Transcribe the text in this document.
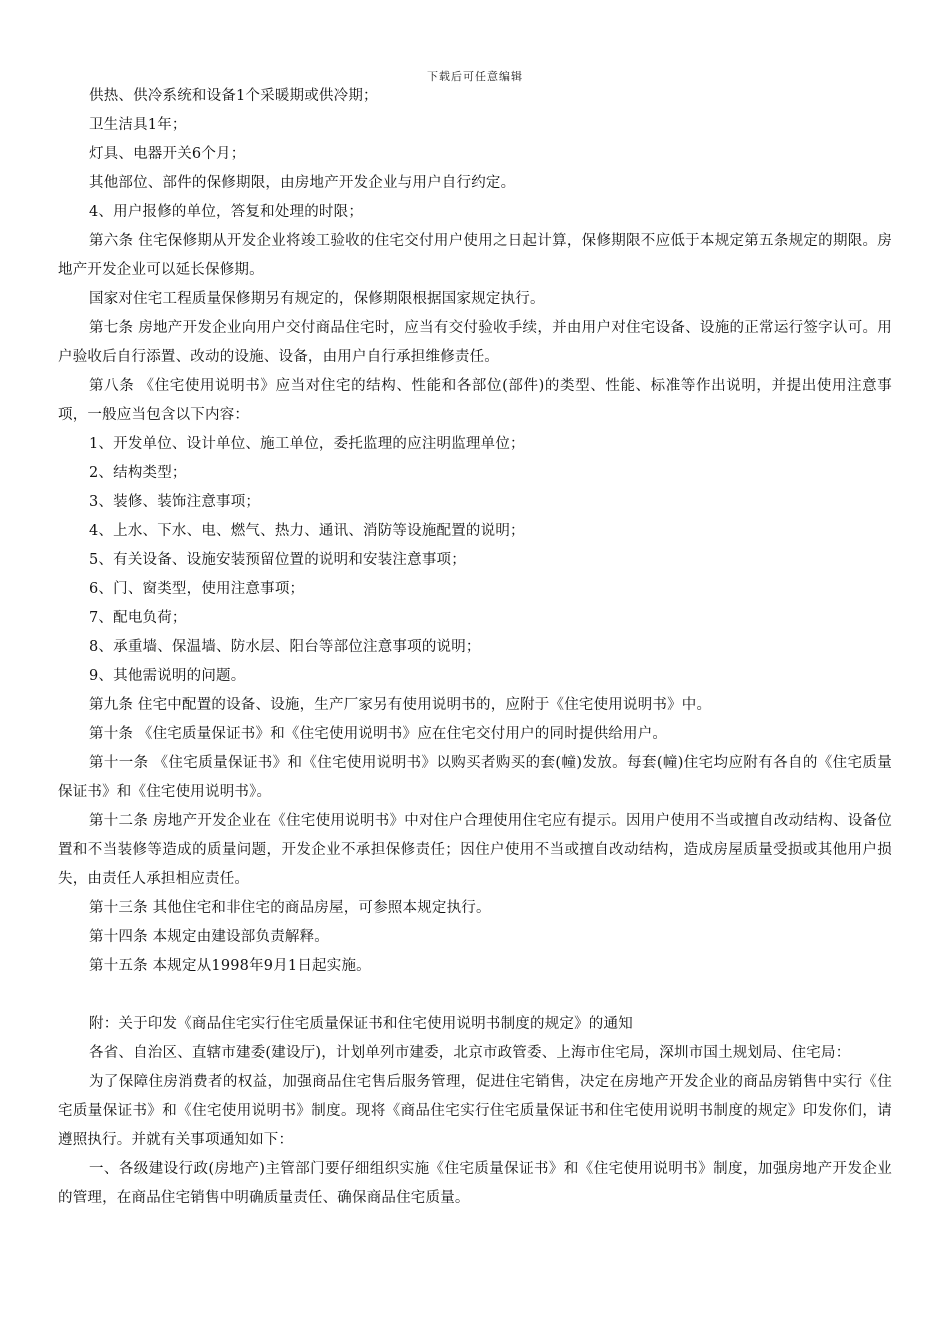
下载后可任意编辑

供热、供冷系统和设备1个采暖期或供冷期；

卫生洁具1年；

灯具、电器开关6个月；

其他部位、部件的保修期限，由房地产开发企业与用户自行约定。

4、用户报修的单位，答复和处理的时限；

第六条 住宅保修期从开发企业将竣工验收的住宅交付用户使用之日起计算，保修期限不应低于本规定第五条规定的期限。房地产开发企业可以延长保修期。

国家对住宅工程质量保修期另有规定的，保修期限根据国家规定执行。

第七条 房地产开发企业向用户交付商品住宅时，应当有交付验收手续，并由用户对住宅设备、设施的正常运行签字认可。用户验收后自行添置、改动的设施、设备，由用户自行承担维修责任。

第八条 《住宅使用说明书》应当对住宅的结构、性能和各部位(部件)的类型、性能、标准等作出说明，并提出使用注意事项，一般应当包含以下内容：

1、开发单位、设计单位、施工单位，委托监理的应注明监理单位；

2、结构类型；

3、装修、装饰注意事项；

4、上水、下水、电、燃气、热力、通讯、消防等设施配置的说明；

5、有关设备、设施安装预留位置的说明和安装注意事项；

6、门、窗类型，使用注意事项；

7、配电负荷；

8、承重墙、保温墙、防水层、阳台等部位注意事项的说明；

9、其他需说明的问题。

第九条 住宅中配置的设备、设施，生产厂家另有使用说明书的，应附于《住宅使用说明书》中。

第十条 《住宅质量保证书》和《住宅使用说明书》应在住宅交付用户的同时提供给用户。

第十一条 《住宅质量保证书》和《住宅使用说明书》以购买者购买的套(幢)发放。每套(幢)住宅均应附有各自的《住宅质量保证书》和《住宅使用说明书》。

第十二条 房地产开发企业在《住宅使用说明书》中对住户合理使用住宅应有提示。因用户使用不当或擅自改动结构、设备位置和不当装修等造成的质量问题，开发企业不承担保修责任；因住户使用不当或擅自改动结构，造成房屋质量受损或其他用户损失，由责任人承担相应责任。

第十三条 其他住宅和非住宅的商品房屋，可参照本规定执行。

第十四条 本规定由建设部负责解释。

第十五条 本规定从1998年9月1日起实施。

附：关于印发《商品住宅实行住宅质量保证书和住宅使用说明书制度的规定》的通知

各省、自治区、直辖市建委(建设厅)，计划单列市建委，北京市政管委、上海市住宅局，深圳市国土规划局、住宅局：

为了保障住房消费者的权益，加强商品住宅售后服务管理，促进住宅销售，决定在房地产开发企业的商品房销售中实行《住宅质量保证书》和《住宅使用说明书》制度。现将《商品住宅实行住宅质量保证书和住宅使用说明书制度的规定》印发你们，请遵照执行。并就有关事项通知如下：

一、各级建设行政(房地产)主管部门要仔细组织实施《住宅质量保证书》和《住宅使用说明书》制度，加强房地产开发企业的管理，在商品住宅销售中明确质量责任、确保商品住宅质量。
